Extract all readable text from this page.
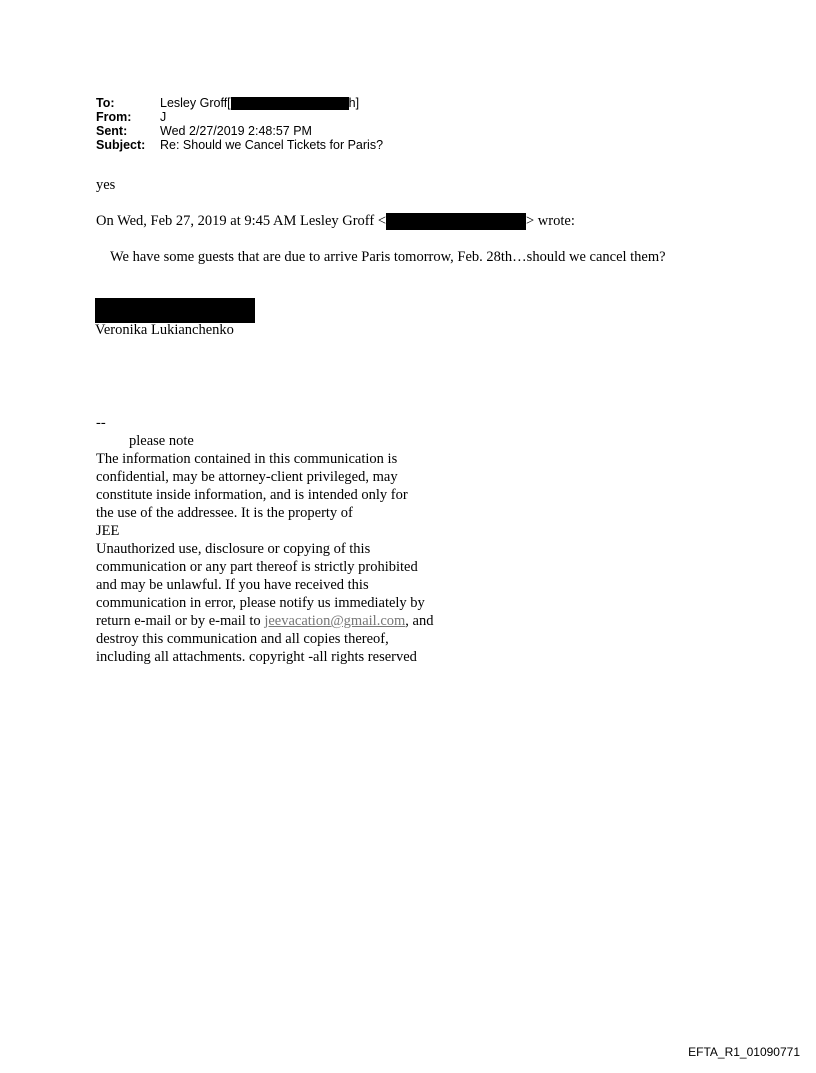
To:	Lesley Groff[	h]
From:	J
Sent:	Wed 2/27/2019 2:48:57 PM
Subject:	Re: Should we Cancel Tickets for Paris?
yes
On Wed, Feb 27, 2019 at 9:45 AM Lesley Groff <	> wrote:
We have some guests that are due to arrive Paris tomorrow, Feb. 28th…should we cancel them?
Veronika Lukianchenko
--
please note
The information contained in this communication is
confidential, may be attorney-client privileged, may
constitute inside information, and is intended only for
the use of the addressee. It is the property of
JEE
Unauthorized use, disclosure or copying of this
communication or any part thereof is strictly prohibited
and may be unlawful. If you have received this
communication in error, please notify us immediately by
return e-mail or by e-mail to jeevacation@gmail.com, and
destroy this communication and all copies thereof,
including all attachments. copyright -all rights reserved
EFTA_R1_01090771
